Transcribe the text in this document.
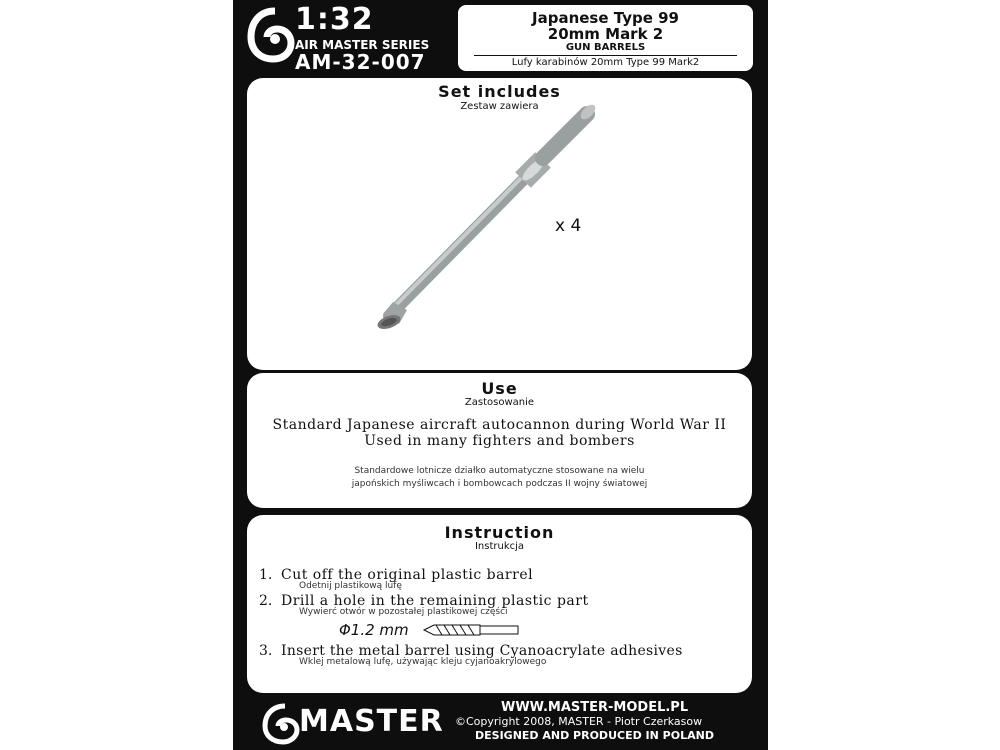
1:32
AIR MASTER SERIES
AM-32-007
Japanese Type 99
20mm Mark 2
GUN BARRELS
Lufy karabinów 20mm Type 99 Mark2
Set includes
Zestaw zawiera
x 4
Use
Zastosowanie
Standard Japanese aircraft autocannon during World War II
Used in many fighters and bombers
Standardowe lotnicze działko automatyczne stosowane na wielu
japońskich myśliwcach i bombowcach podczas II wojny światowej
Instruction
Instrukcja
1. Cut off the original plastic barrel
Odetnij plastikową lufę
2. Drill a hole in the remaining plastic part
Wywierć otwór w pozostałej plastikowej części
Φ1.2 mm
3. Insert the metal barrel using Cyanoacrylate adhesives
Wklej metalową lufę, używając kleju cyjanoakrylowego
MASTER	WWW.MASTER-MODEL.PL
©Copyright 2008, MASTER - Piotr Czerkasow
DESIGNED AND PRODUCED IN POLAND
